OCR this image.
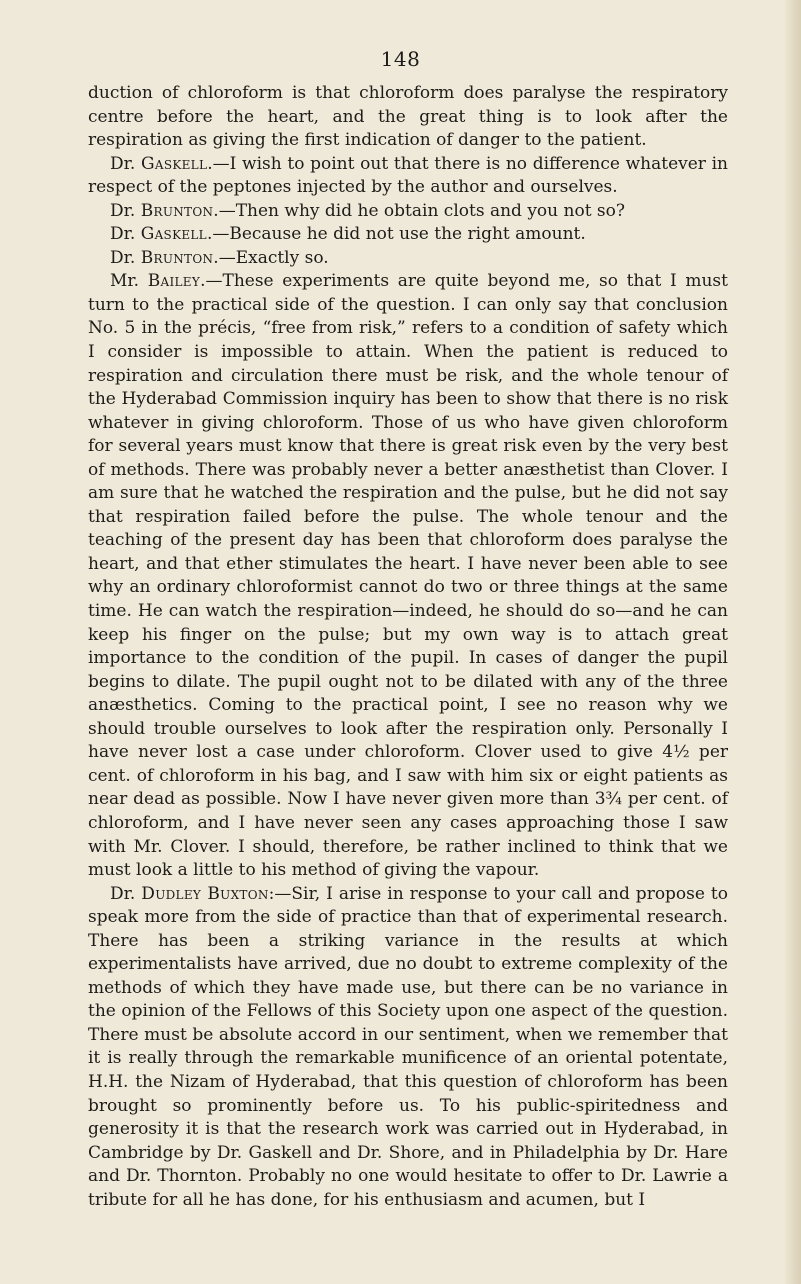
148

duction of chloroform is that chloroform does paralyse the respiratory centre before the heart, and the great thing is to look after the respiration as giving the first indication of danger to the patient.

Dr. Gaskell.—I wish to point out that there is no difference whatever in respect of the peptones injected by the author and ourselves.

Dr. Brunton.—Then why did he obtain clots and you not so?

Dr. Gaskell.—Because he did not use the right amount.

Dr. Brunton.—Exactly so.

Mr. Bailey.—These experiments are quite beyond me, so that I must turn to the practical side of the question. I can only say that conclusion No. 5 in the précis, “free from risk,” refers to a condition of safety which I consider is impossible to attain. When the patient is reduced to respiration and circulation there must be risk, and the whole tenour of the Hyderabad Commission inquiry has been to show that there is no risk whatever in giving chloroform. Those of us who have given chloroform for several years must know that there is great risk even by the very best of methods. There was probably never a better anæsthetist than Clover. I am sure that he watched the respiration and the pulse, but he did not say that respiration failed before the pulse. The whole tenour and the teaching of the present day has been that chloroform does paralyse the heart, and that ether stimulates the heart. I have never been able to see why an ordinary chloroformist cannot do two or three things at the same time. He can watch the respiration—indeed, he should do so—and he can keep his finger on the pulse; but my own way is to attach great importance to the condition of the pupil. In cases of danger the pupil begins to dilate. The pupil ought not to be dilated with any of the three anæsthetics. Coming to the practical point, I see no reason why we should trouble ourselves to look after the respiration only. Personally I have never lost a case under chloroform. Clover used to give 4½ per cent. of chloroform in his bag, and I saw with him six or eight patients as near dead as possible. Now I have never given more than 3¾ per cent. of chloroform, and I have never seen any cases approaching those I saw with Mr. Clover. I should, therefore, be rather inclined to think that we must look a little to his method of giving the vapour.

Dr. Dudley Buxton:—Sir, I arise in response to your call and propose to speak more from the side of practice than that of experimental research. There has been a striking variance in the results at which experimentalists have arrived, due no doubt to extreme complexity of the methods of which they have made use, but there can be no variance in the opinion of the Fellows of this Society upon one aspect of the question. There must be absolute accord in our sentiment, when we remember that it is really through the remarkable munificence of an oriental potentate, H.H. the Nizam of Hyderabad, that this question of chloroform has been brought so prominently before us. To his public-spiritedness and generosity it is that the research work was carried out in Hyderabad, in Cambridge by Dr. Gaskell and Dr. Shore, and in Philadelphia by Dr. Hare and Dr. Thornton. Probably no one would hesitate to offer to Dr. Lawrie a tribute for all he has done, for his enthusiasm and acumen, but I
